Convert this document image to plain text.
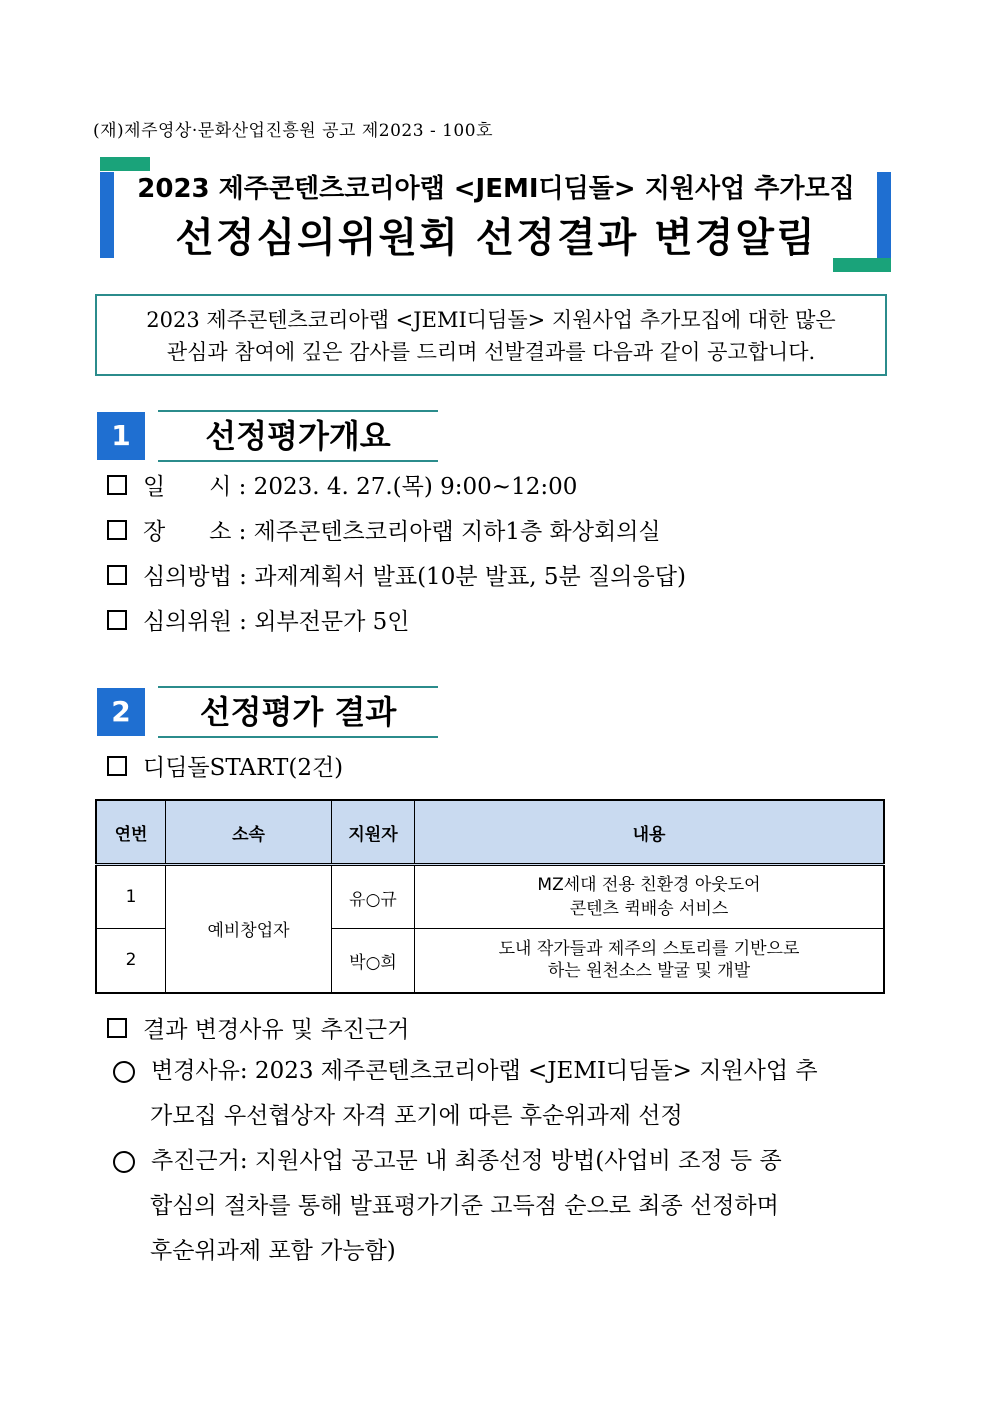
(재)제주영상·문화산업진흥원 공고 제2023 - 100호
2023 제주콘텐츠코리아랩 <JEMI디딤돌> 지원사업 추가모집
선정심의위원회 선정결과 변경알림
2023 제주콘텐츠코리아랩 <JEMI디딤돌> 지원사업 추가모집에 대한 많은
관심과 참여에 깊은 감사를 드리며 선발결과를 다음과 같이 공고합니다.
1	선정평가개요
일      시 : 2023. 4. 27.(목) 9:00~12:00
장      소 : 제주콘텐츠코리아랩 지하1층 화상회의실
심의방법 : 과제계획서 발표(10분 발표, 5분 질의응답)
심의위원 : 외부전문가 5인
2	선정평가 결과
디딤돌START(2건)
연번	소속	지원자	내용
1	예비창업자	유○규	MZ세대 전용 친환경 아웃도어
콘텐츠 퀵배송 서비스

2		박○희	도내 작가들과 제주의 스토리를 기반으로
하는 원천소스 발굴 및 개발
결과 변경사유 및 추진근거
변경사유: 2023 제주콘텐츠코리아랩 <JEMI디딤돌> 지원사업 추
가모집 우선협상자 자격 포기에 따른 후순위과제 선정
추진근거: 지원사업 공고문 내 최종선정 방법(사업비 조정 등 종
합심의 절차를 통해 발표평가기준 고득점 순으로 최종 선정하며
후순위과제 포함 가능함)
